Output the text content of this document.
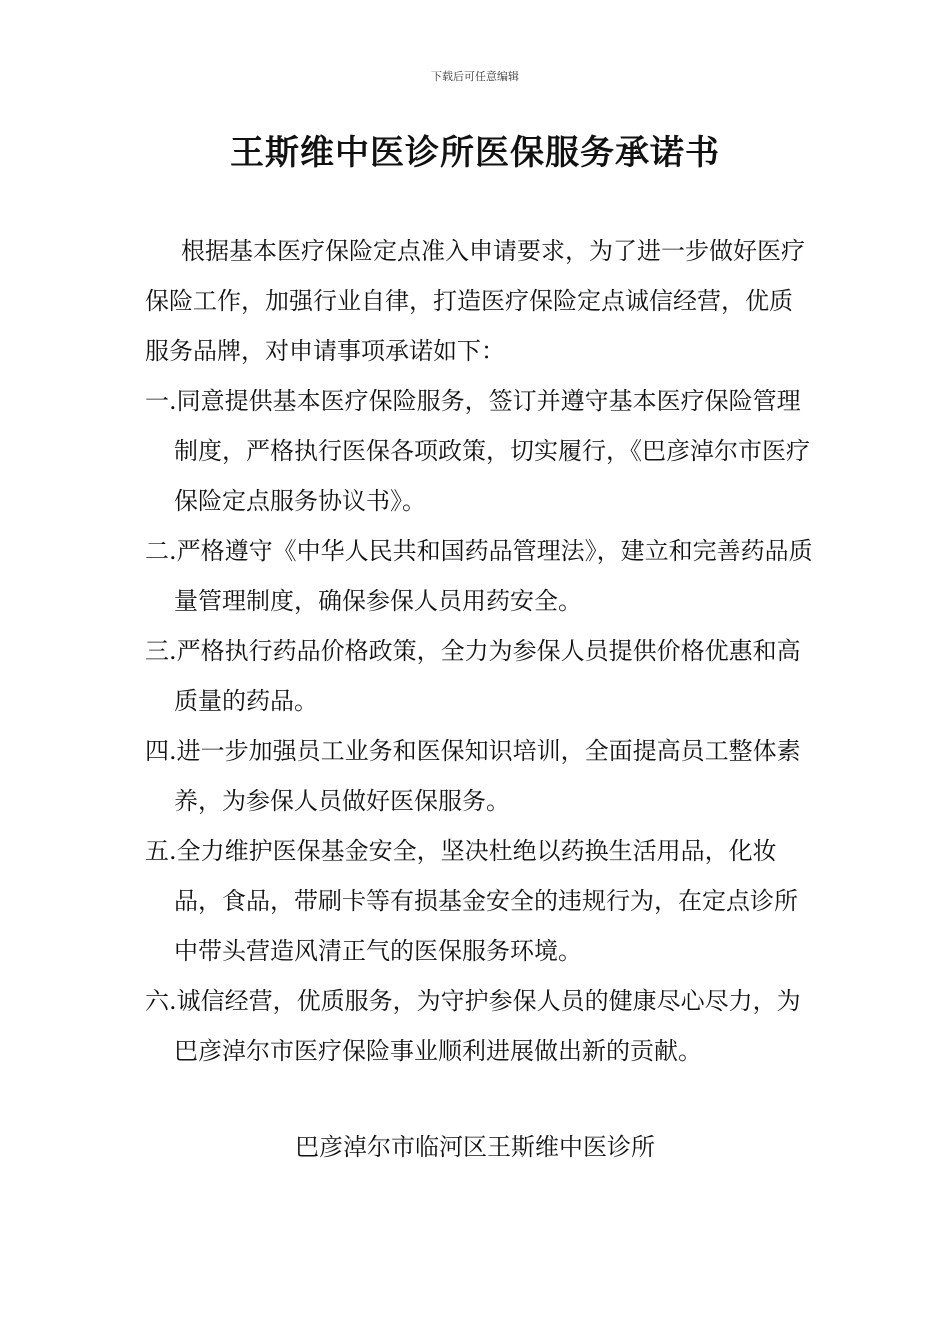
下载后可任意编辑
王斯维中医诊所医保服务承诺书

根据基本医疗保险定点准入申请要求，为了进一步做好医疗保险工作，加强行业自律，打造医疗保险定点诚信经营，优质服务品牌，对申请事项承诺如下：

一.同意提供基本医疗保险服务，签订并遵守基本医疗保险管理制度，严格执行医保各项政策，切实履行，《巴彦淖尔市医疗保险定点服务协议书》。

二.严格遵守《中华人民共和国药品管理法》，建立和完善药品质量管理制度，确保参保人员用药安全。

三.严格执行药品价格政策，全力为参保人员提供价格优惠和高质量的药品。

四.进一步加强员工业务和医保知识培训，全面提高员工整体素养，为参保人员做好医保服务。

五.全力维护医保基金安全，坚决杜绝以药换生活用品，化妆品，食品，带刷卡等有损基金安全的违规行为，在定点诊所中带头营造风清正气的医保服务环境。

六.诚信经营，优质服务，为守护参保人员的健康尽心尽力，为巴彦淖尔市医疗保险事业顺利进展做出新的贡献。

巴彦淖尔市临河区王斯维中医诊所
